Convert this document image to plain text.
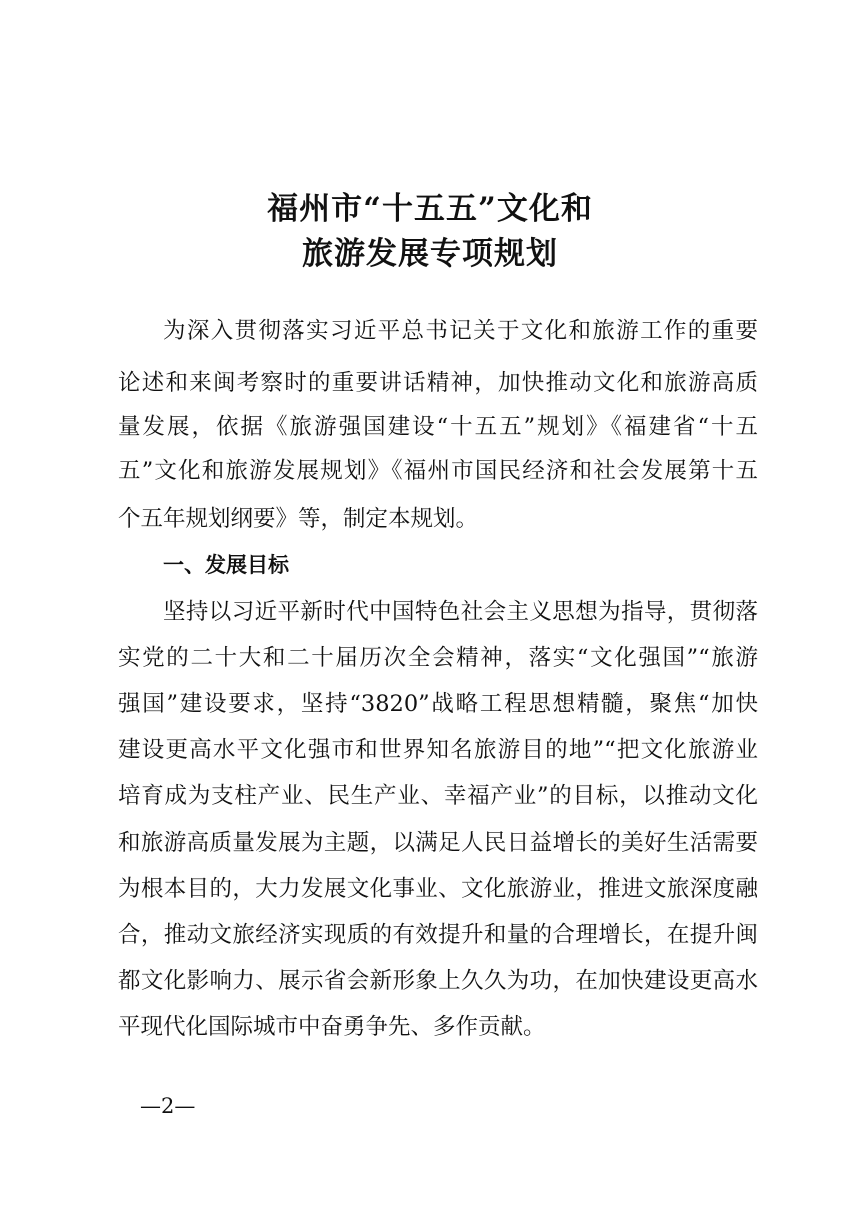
福州市“十五五”文化和
旅游发展专项规划
为深入贯彻落实习近平总书记关于文化和旅游工作的重要
论述和来闽考察时的重要讲话精神，加快推动文化和旅游高质
量发展，依据《旅游强国建设“十五五”规划》《福建省“十五
五”文化和旅游发展规划》《福州市国民经济和社会发展第十五
个五年规划纲要》等，制定本规划。
一、发展目标
坚持以习近平新时代中国特色社会主义思想为指导，贯彻落
实党的二十大和二十届历次全会精神，落实“文化强国”“旅游
强国”建设要求，坚持“3820”战略工程思想精髓，聚焦“加快
建设更高水平文化强市和世界知名旅游目的地”“把文化旅游业
培育成为支柱产业、民生产业、幸福产业”的目标，以推动文化
和旅游高质量发展为主题，以满足人民日益增长的美好生活需要
为根本目的，大力发展文化事业、文化旅游业，推进文旅深度融
合，推动文旅经济实现质的有效提升和量的合理增长，在提升闽
都文化影响力、展示省会新形象上久久为功，在加快建设更高水
平现代化国际城市中奋勇争先、多作贡献。
—2—
